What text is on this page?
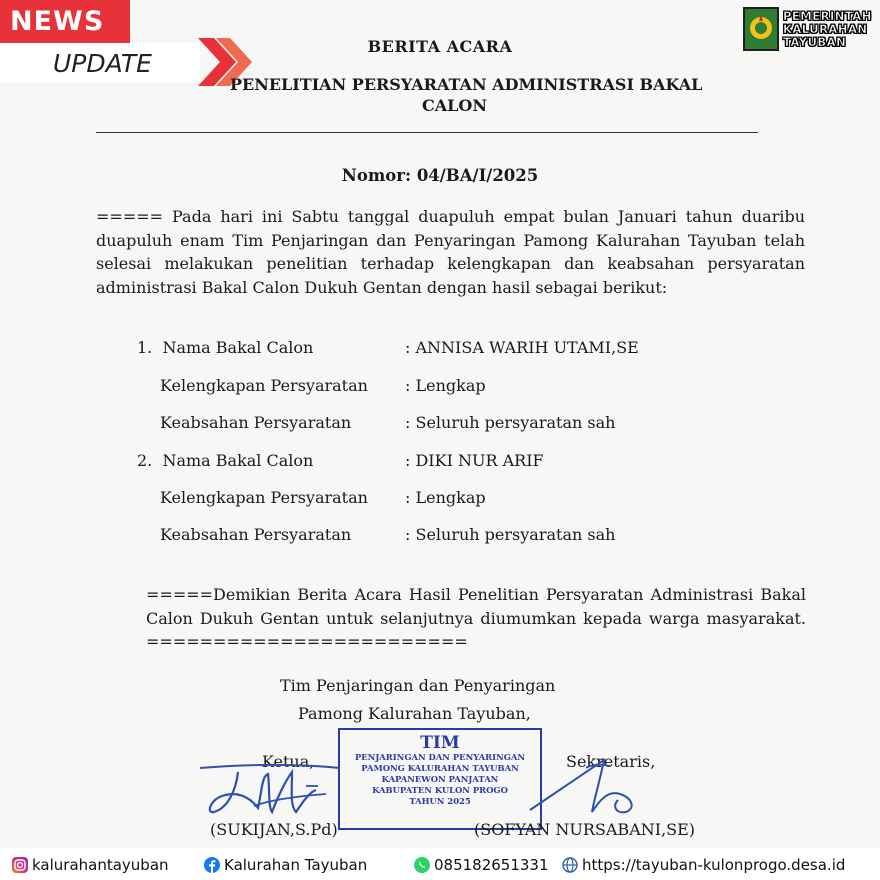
NEWS
UPDATE
PEMERINTAH
KALURAHAN
TAYUBAN
BERITA ACARA
PENELITIAN PERSYARATAN ADMINISTRASI BAKAL
CALON
Nomor: 04/BA/I/2025
===== Pada hari ini Sabtu tanggal duapuluh empat bulan Januari tahun duaribu duapuluh enam Tim Penjaringan dan Penyaringan Pamong Kalurahan Tayuban telah selesai melakukan penelitian terhadap kelengkapan dan keabsahan persyaratan administrasi Bakal Calon Dukuh Gentan dengan hasil sebagai berikut:
1. Nama Bakal Calon	: ANNISA WARIH UTAMI,SE
Kelengkapan Persyaratan : Lengkap
Keabsahan Persyaratan	: Seluruh persyaratan sah
2. Nama Bakal Calon	: DIKI NUR ARIF
Kelengkapan Persyaratan : Lengkap
Keabsahan Persyaratan	: Seluruh persyaratan sah
=====Demikian Berita Acara Hasil Penelitian Persyaratan Administrasi Bakal Calon Dukuh Gentan untuk selanjutnya diumumkan kepada warga masyarakat. ========================
Tim Penjaringan dan Penyaringan
Pamong Kalurahan Tayuban,
Ketua,	Sekretaris,
TIM
PENJARINGAN DAN PENYARINGAN
PAMONG KALURAHAN TAYUBAN
KAPANEWON PANJATAN
KABUPATEN KULON PROGO
TAHUN 2025
(SUKIJAN,S.Pd)	(SOFYAN NURSABANI,SE)
kalurahantayuban	Kalurahan Tayuban	085182651331 https://tayuban-kulonprogo.desa.id
